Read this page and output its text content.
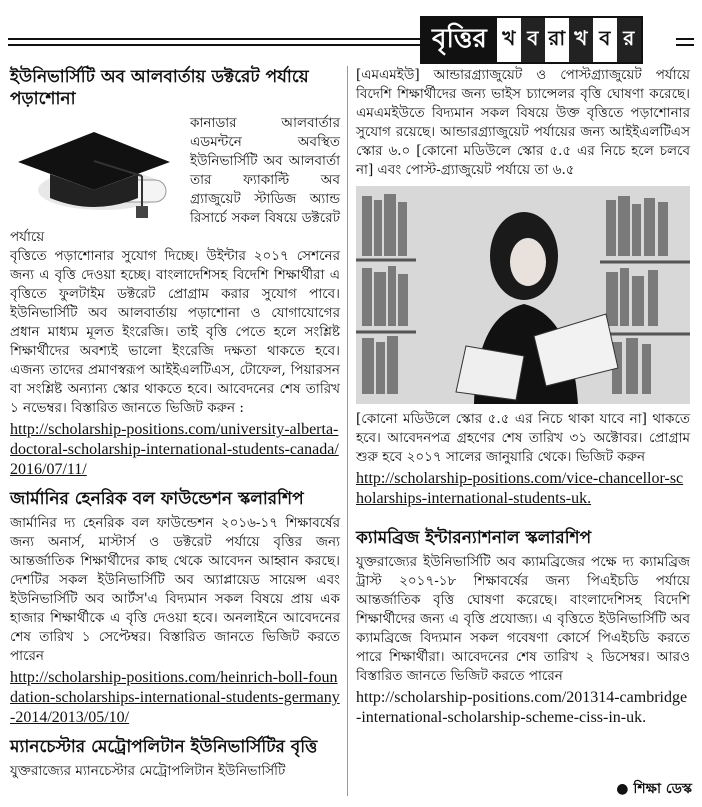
বৃত্তির খ ব রা খ ব র
ইউনিভার্সিটি অব আলবার্তায় ডক্টরেট পর্যায়ে পড়াশোনা

কানাডার আলবার্তার এডমন্টনে অবস্থিত ইউনিভার্সিটি অব আলবার্তা তার ফ্যাকাল্টি অব গ্র্যাজুয়েট স্টাডিজ অ্যান্ড রিসার্চে সকল বিষয়ে ডক্টরেট পর্যায়ে

বৃত্তিতে পড়াশোনার সুযোগ দিচ্ছে। উইন্টার ২০১৭ সেশনের জন্য এ বৃত্তি দেওয়া হচ্ছে। বাংলাদেশিসহ বিদেশি শিক্ষার্থীরা এ বৃত্তিতে ফুলটাইম ডক্টরেট প্রোগ্রাম করার সুযোগ পাবে। ইউনিভার্সিটি অব আলবার্তায় পড়াশোনা ও যোগাযোগের প্রধান মাধ্যম মূলত ইংরেজি। তাই বৃত্তি পেতে হলে সংশ্লিষ্ট শিক্ষার্থীদের অবশ্যই ভালো ইংরেজি দক্ষতা থাকতে হবে। এজন্য তাদের প্রমাণস্বরূপ আইইএলটিএস, টোফেল, পিয়ারসন বা সংশ্লিষ্ট অন্যান্য স্কোর থাকতে হবে। আবেদনের শেষ তারিখ ১ নভেম্বর। বিস্তারিত জানতে ভিজিট করুন :

http://scholarship-positions.com/university-alberta-doctoral-scholarship-international-students-canada/2016/07/11/
জার্মানির হেনরিক বল ফাউন্ডেশন স্কলারশিপ

জার্মানির দ্য হেনরিক বল ফাউন্ডেশন ২০১৬-১৭ শিক্ষাবর্ষের জন্য অনার্স, মাস্টার্স ও ডক্টরেট পর্যায়ে বৃত্তির জন্য আন্তর্জাতিক শিক্ষার্থীদের কাছ থেকে আবেদন আহ্বান করছে। দেশটির সকল ইউনিভার্সিটি অব অ্যাপ্লায়েড সায়েন্স এবং ইউনিভার্সিটি অব আর্টস'এ বিদ্যমান সকল বিষয়ে প্রায় এক হাজার শিক্ষার্থীকে এ বৃত্তি দেওয়া হবে। অনলাইনে আবেদনের শেষ তারিখ ১ সেপ্টেম্বর। বিস্তারিত জানতে ভিজিট করতে পারেন

http://scholarship-positions.com/heinrich-boll-foundation-scholarships-international-students-germany-2014/2013/05/10/
ম্যানচেস্টার মেট্রোপলিটান ইউনিভার্সিটির বৃত্তি

যুক্তরাজ্যের ম্যানচেস্টার মেট্রোপলিটান ইউনিভার্সিটি

[এমএমইউ] আন্ডারগ্র্যাজুয়েট ও পোস্টগ্র্যাজুয়েট পর্যায়ে বিদেশি শিক্ষার্থীদের জন্য ভাইস চ্যান্সেলর বৃত্তি ঘোষণা করেছে। এমএমইউতে বিদ্যমান সকল বিষয়ে উক্ত বৃত্তিতে পড়াশোনার সুযোগ রয়েছে। আন্ডারগ্র্যাজুয়েট পর্যায়ের জন্য আইইএলটিএস স্কোর ৬.০ [কোনো মডিউলে স্কোর ৫.৫ এর নিচে হলে চলবে না] এবং পোস্ট-গ্র্যাজুয়েট পর্যায়ে তা ৬.৫

[কোনো মডিউলে স্কোর ৫.৫ এর নিচে থাকা যাবে না] থাকতে হবে। আবেদনপত্র গ্রহণের শেষ তারিখ ৩১ অক্টোবর। প্রোগ্রাম শুরু হবে ২০১৭ সালের জানুয়ারি থেকে। ভিজিট করুন

http://scholarship-positions.com/vice-chancellor-scholarships-international-students-uk.
ক্যামব্রিজ ইন্টারন্যাশনাল স্কলারশিপ

যুক্তরাজ্যের ইউনিভার্সিটি অব ক্যামব্রিজের পক্ষে দ্য ক্যামব্রিজ ট্রাস্ট ২০১৭-১৮ শিক্ষাবর্ষের জন্য পিএইচডি পর্যায়ে আন্তর্জাতিক বৃত্তি ঘোষণা করেছে। বাংলাদেশিসহ বিদেশি শিক্ষার্থীদের জন্য এ বৃত্তি প্রযোজ্য। এ বৃত্তিতে ইউনিভার্সিটি অব ক্যামব্রিজে বিদ্যমান সকল গবেষণা কোর্সে পিএইচডি করতে পারে শিক্ষার্থীরা। আবেদনের শেষ তারিখ ২ ডিসেম্বর। আরও বিস্তারিত জানতে ভিজিট করতে পারেন

http://scholarship-positions.com/201314-cambridge-international-scholarship-scheme-ciss-in-uk.
● শিক্ষা ডেস্ক
